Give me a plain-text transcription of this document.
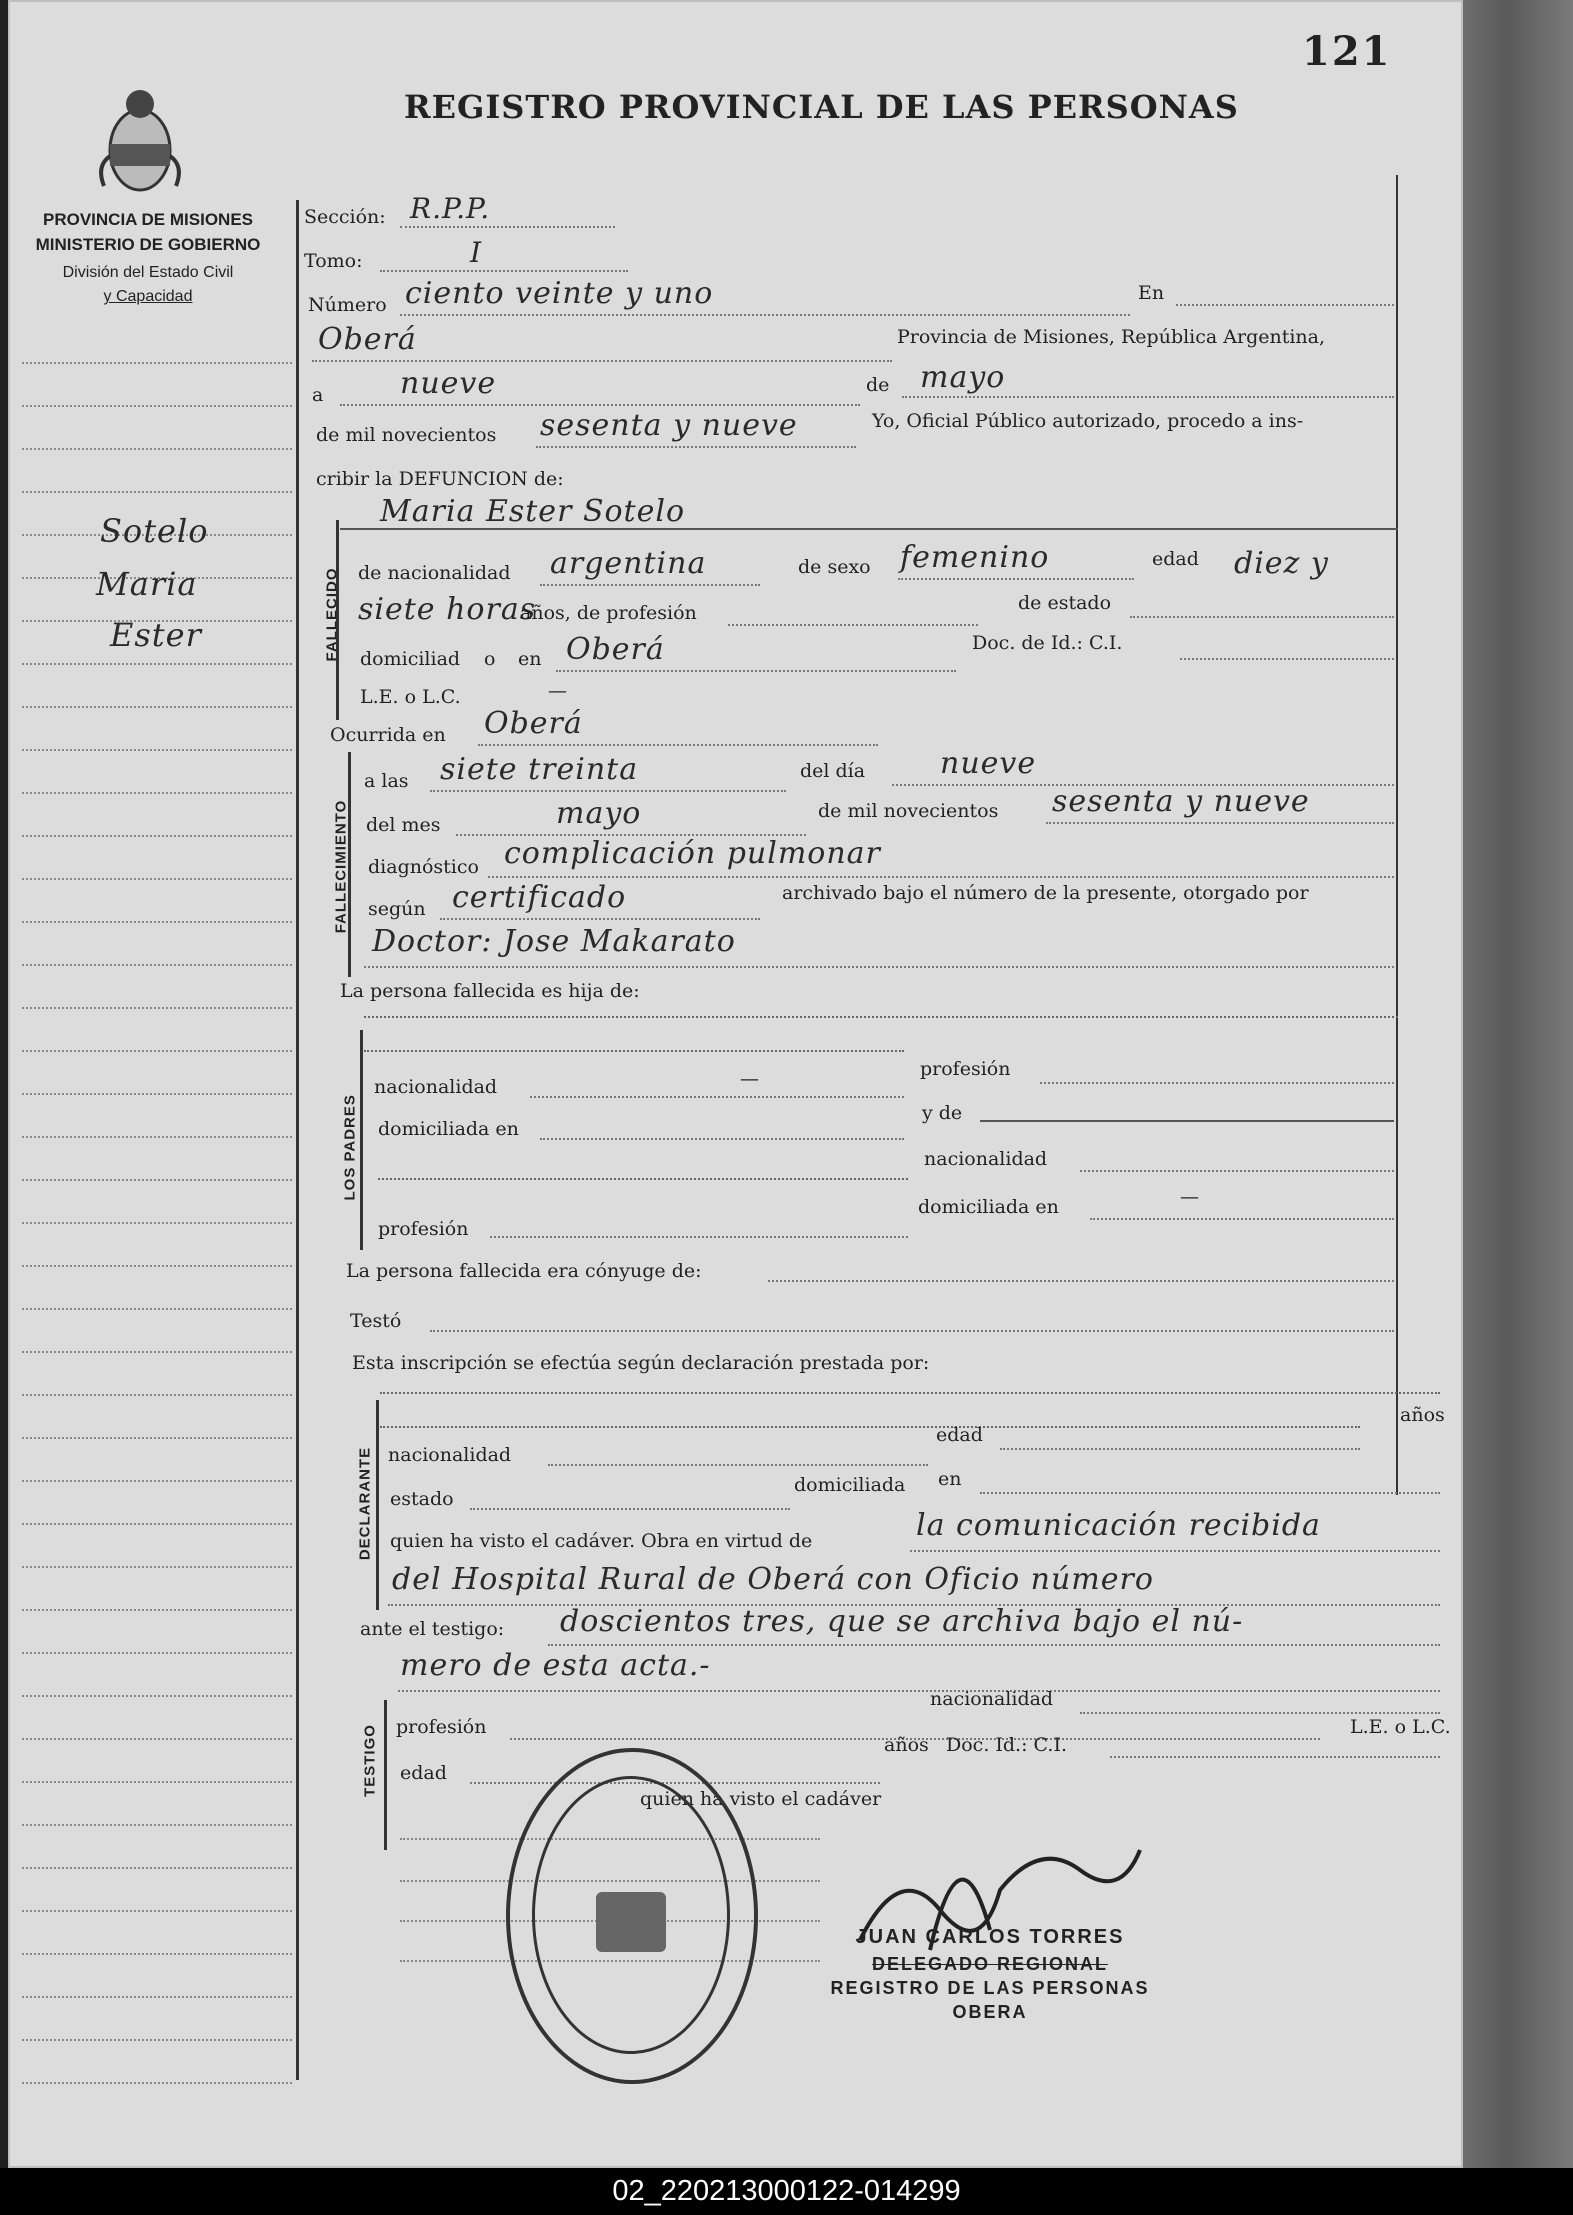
121
REGISTRO PROVINCIAL DE LAS PERSONAS
PROVINCIA DE MISIONES
MINISTERIO DE GOBIERNO
División del Estado Civil
y Capacidad
Sotelo
Maria
Ester
Sección: R.P.P.
Tomo:	I
Número ciento veinte y uno	En
Oberá	Provincia de Misiones, República Argentina,
a	nueve	de mayo
de mil novecientos sesenta y nueve	Yo, Oficial Público autorizado, procedo a ins-
cribir la DEFUNCION de:
FALLECIDO
Maria Ester Sotelo
de nacionalidad argentina	de sexo femenino	edad diez y
siete horas
años, de profesión	de estado
domiciliad o en Oberá	Doc. de Id.: C.I.
L.E. o L.C.	—
Ocurrida en Oberá
FALLECIMIENTO
a las siete treinta	del día nueve
del mes	mayo	de mil novecientos sesenta y nueve
diagnóstico complicación pulmonar
según certificado	archivado bajo el número de la presente, otorgado por
Doctor: Jose Makarato
La persona fallecida es hija de:
LOS PADRES
nacionalidad	—	profesión
domiciliada en
y de
nacionalidad
profesión
domiciliada en	—
La persona fallecida era cónyuge de:
Testó
Esta inscripción se efectúa según declaración prestada por:
DECLARANTE
años
nacionalidad
edad
estado
domiciliada en
quien ha visto el cadáver. Obra en virtud de	la comunicación recibida
del Hospital Rural de Oberá con Oficio número
ante el testigo: doscientos tres, que se archiva bajo el nú-
mero de esta acta.-
TESTIGO
nacionalidad
profesión	L.E. o L.C.
edad
años Doc. Id.: C.I.
quien ha visto el cadáver
JUAN CARLOS TORRES
DELEGADO REGIONAL
REGISTRO DE LAS PERSONAS
OBERA
02_220213000122-014299
